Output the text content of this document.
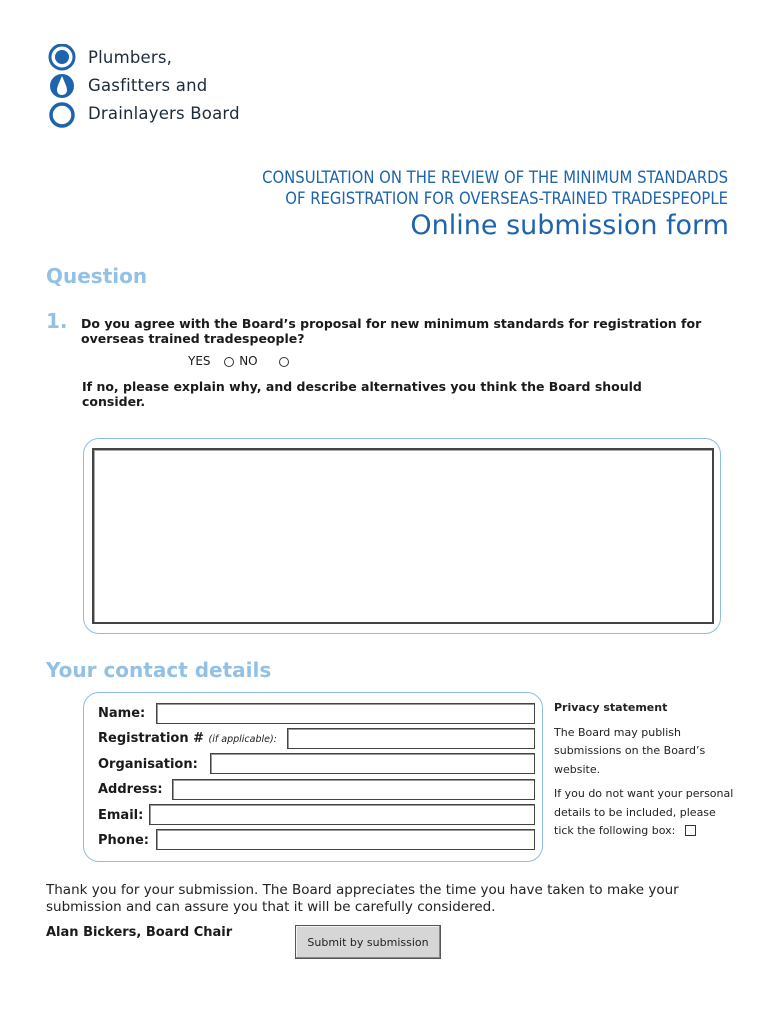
Plumbers,
Gasfitters and
Drainlayers Board
CONSULTATION ON THE REVIEW OF THE MINIMUM STANDARDS
OF REGISTRATION FOR OVERSEAS-TRAINED TRADESPEOPLE
Online submission form
Question
1. Do you agree with the Board’s proposal for new minimum standards for registration for overseas trained tradespeople?
YES NO
If no, please explain why, and describe alternatives you think the Board should consider.
Your contact details
Name:
Registration # (if applicable):
Organisation:
Address:
Email:
Phone:
Privacy statement

The Board may publish submissions on the Board’s website.

If you do not want your personal details to be included, please tick the following box:

Thank you for your submission. The Board appreciates the time you have taken to make your submission and can assure you that it will be carefully considered.
Alan Bickers, Board Chair
Submit by submission
